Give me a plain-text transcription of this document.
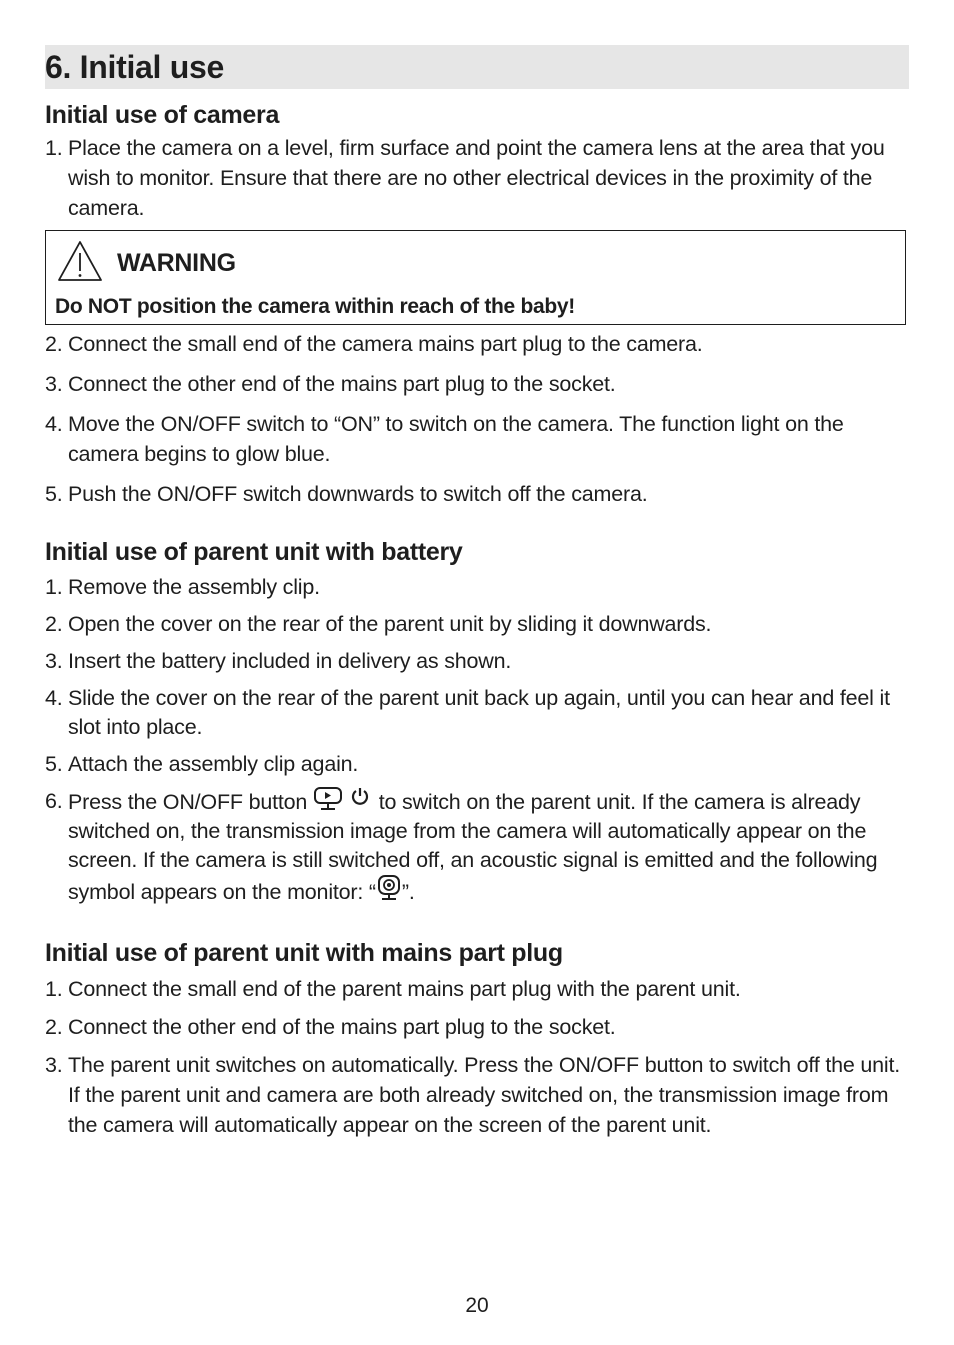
6. Initial use
Initial use of camera
1. Place the camera on a level, firm surface and point the camera lens at the area that you wish to monitor. Ensure that there are no other electrical devices in the proximity of the camera.
WARNING
Do NOT position the camera within reach of the baby!
2. Connect the small end of the camera mains part plug to the camera.
3. Connect the other end of the mains part plug to the socket.
4. Move the ON/OFF switch to “ON” to switch on the camera. The function light on the camera begins to glow blue.
5. Push the ON/OFF switch downwards to switch off the camera.
Initial use of parent unit with battery
1. Remove the assembly clip.
2. Open the cover on the rear of the parent unit by sliding it downwards.
3. Insert the battery included in delivery as shown.
4. Slide the cover on the rear of the parent unit back up again, until you can hear and feel it slot into place.
5. Attach the assembly clip again.
6. Press the ON/OFF button	to switch on the parent unit. If the camera is already switched on, the transmission image from the camera will automatically appear on the screen. If the camera is still switched off, an acoustic signal is emitted and the following symbol appears on the monitor: “ ”.
Initial use of parent unit with mains part plug
1. Connect the small end of the parent mains part plug with the parent unit.
2. Connect the other end of the mains part plug to the socket.
3. The parent unit switches on automatically. Press the ON/OFF button to switch off the unit. If the parent unit and camera are both already switched on, the transmission image from the camera will automatically appear on the screen of the parent unit.
20
